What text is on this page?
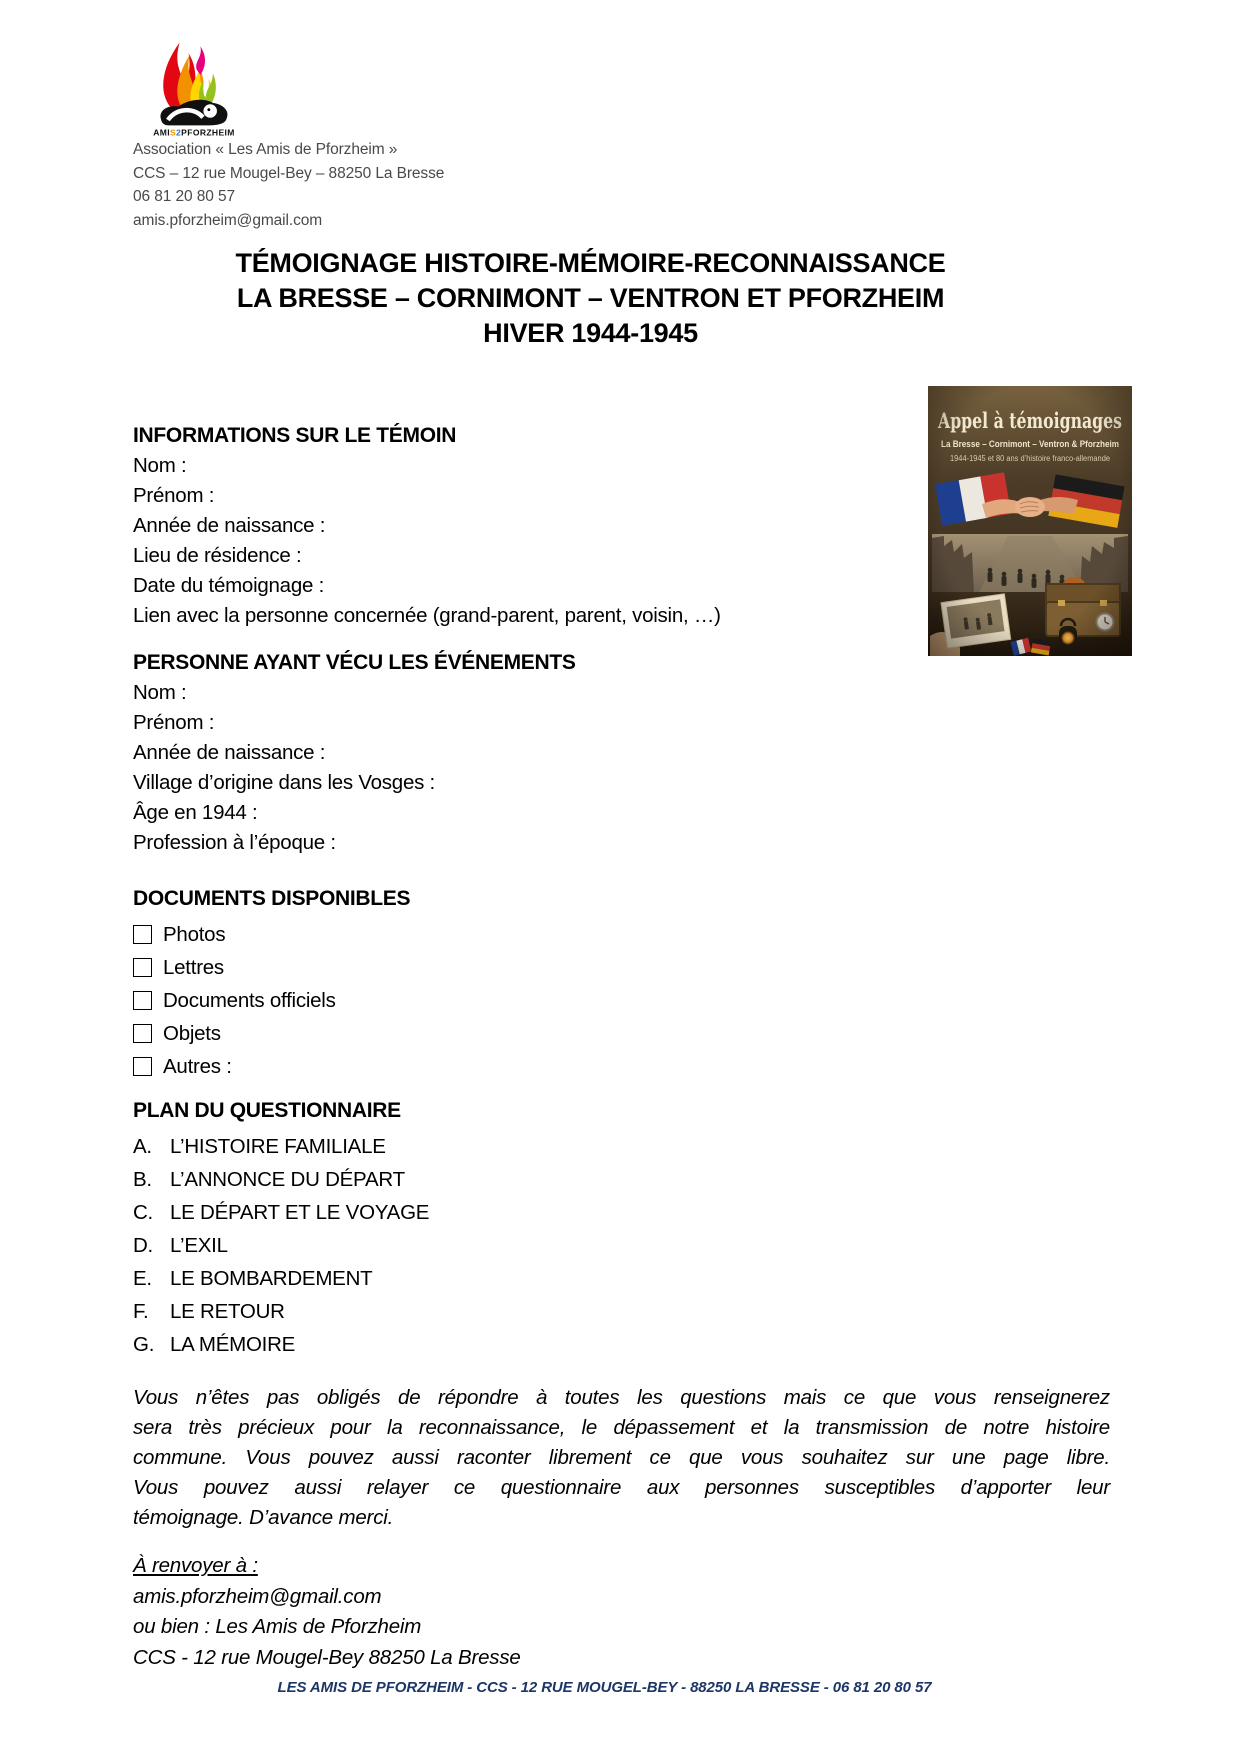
AMIS2PFORZHEIM
Association « Les Amis de Pforzheim »
CCS – 12 rue Mougel-Bey – 88250 La Bresse
06 81 20 80 57
amis.pforzheim@gmail.com
TÉMOIGNAGE HISTOIRE-MÉMOIRE-RECONNAISSANCE
LA BRESSE – CORNIMONT – VENTRON ET PFORZHEIM
HIVER 1944-1945
INFORMATIONS SUR LE TÉMOIN
Nom :
Prénom :
Année de naissance :
Lieu de résidence :
Date du témoignage :
Lien avec la personne concernée (grand-parent, parent, voisin, …)
PERSONNE AYANT VÉCU LES ÉVÉNEMENTS
Nom :
Prénom :
Année de naissance :
Village d’origine dans les Vosges :
Âge en 1944 :
Profession à l’époque :
DOCUMENTS DISPONIBLES
Photos
Lettres
Documents officiels
Objets
Autres :
PLAN DU QUESTIONNAIRE
A. L’HISTOIRE FAMILIALE
B. L’ANNONCE DU DÉPART
C. LE DÉPART ET LE VOYAGE
D. L’EXIL
E. LE BOMBARDEMENT
F. LE RETOUR
G. LA MÉMOIRE
Vous n’êtes pas obligés de répondre à toutes les questions mais ce que vous renseignerez
sera très précieux pour la reconnaissance, le dépassement et la transmission de notre histoire
commune. Vous pouvez aussi raconter librement ce que vous souhaitez sur une page libre.
Vous pouvez aussi relayer ce questionnaire aux personnes susceptibles d’apporter leur
témoignage. D’avance merci.
À renvoyer à :
amis.pforzheim@gmail.com
ou bien : Les Amis de Pforzheim
CCS - 12 rue Mougel-Bey 88250 La Bresse
LES AMIS DE PFORZHEIM - CCS - 12 RUE MOUGEL-BEY - 88250 LA BRESSE - 06 81 20 80 57
